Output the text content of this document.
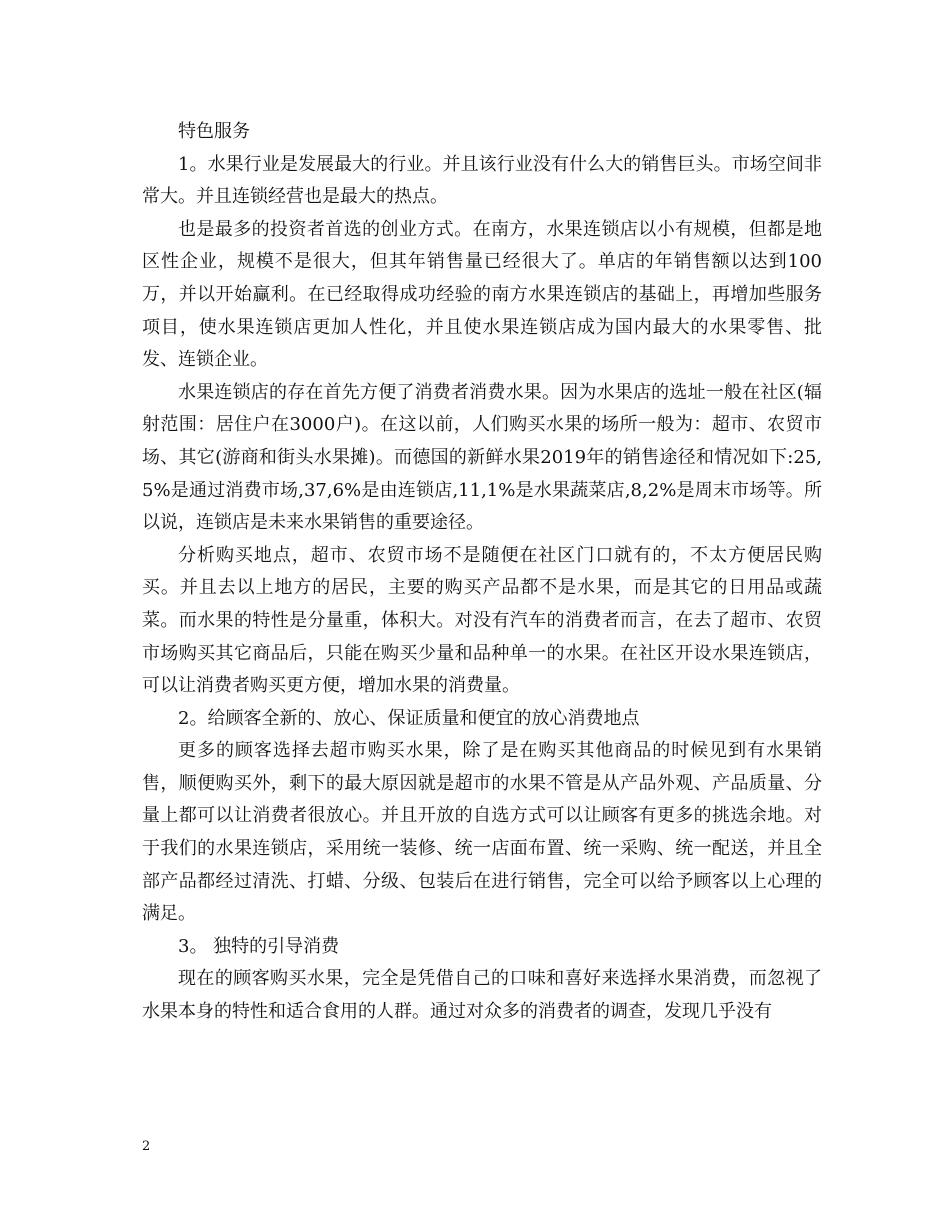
特色服务

1。水果行业是发展最大的行业。并且该行业没有什么大的销售巨头。市场空间非常大。并且连锁经营也是最大的热点。

也是最多的投资者首选的创业方式。在南方，水果连锁店以小有规模，但都是地区性企业，规模不是很大，但其年销售量已经很大了。单店的年销售额以达到100万，并以开始赢利。在已经取得成功经验的南方水果连锁店的基础上，再增加些服务项目，使水果连锁店更加人性化，并且使水果连锁店成为国内最大的水果零售、批发、连锁企业。

水果连锁店的存在首先方便了消费者消费水果。因为水果店的选址一般在社区(辐射范围：居住户在3000户)。在这以前，人们购买水果的场所一般为：超市、农贸市场、其它(游商和街头水果摊)。而德国的新鲜水果2019年的销售途径和情况如下:25,5%是通过消费市场,37,6%是由连锁店,11,1%是水果蔬菜店,8,2%是周末市场等。所以说，连锁店是未来水果销售的重要途径。

分析购买地点，超市、农贸市场不是随便在社区门口就有的，不太方便居民购买。并且去以上地方的居民，主要的购买产品都不是水果，而是其它的日用品或蔬菜。而水果的特性是分量重，体积大。对没有汽车的消费者而言，在去了超市、农贸市场购买其它商品后，只能在购买少量和品种单一的水果。在社区开设水果连锁店，可以让消费者购买更方便，增加水果的消费量。

2。给顾客全新的、放心、保证质量和便宜的放心消费地点

更多的顾客选择去超市购买水果，除了是在购买其他商品的时候见到有水果销售，顺便购买外，剩下的最大原因就是超市的水果不管是从产品外观、产品质量、分量上都可以让消费者很放心。并且开放的自选方式可以让顾客有更多的挑选余地。对于我们的水果连锁店，采用统一装修、统一店面布置、统一采购、统一配送，并且全部产品都经过清洗、打蜡、分级、包装后在进行销售，完全可以给予顾客以上心理的满足。

3。 独特的引导消费

现在的顾客购买水果，完全是凭借自己的口味和喜好来选择水果消费，而忽视了水果本身的特性和适合食用的人群。通过对众多的消费者的调查，发现几乎没有

2
